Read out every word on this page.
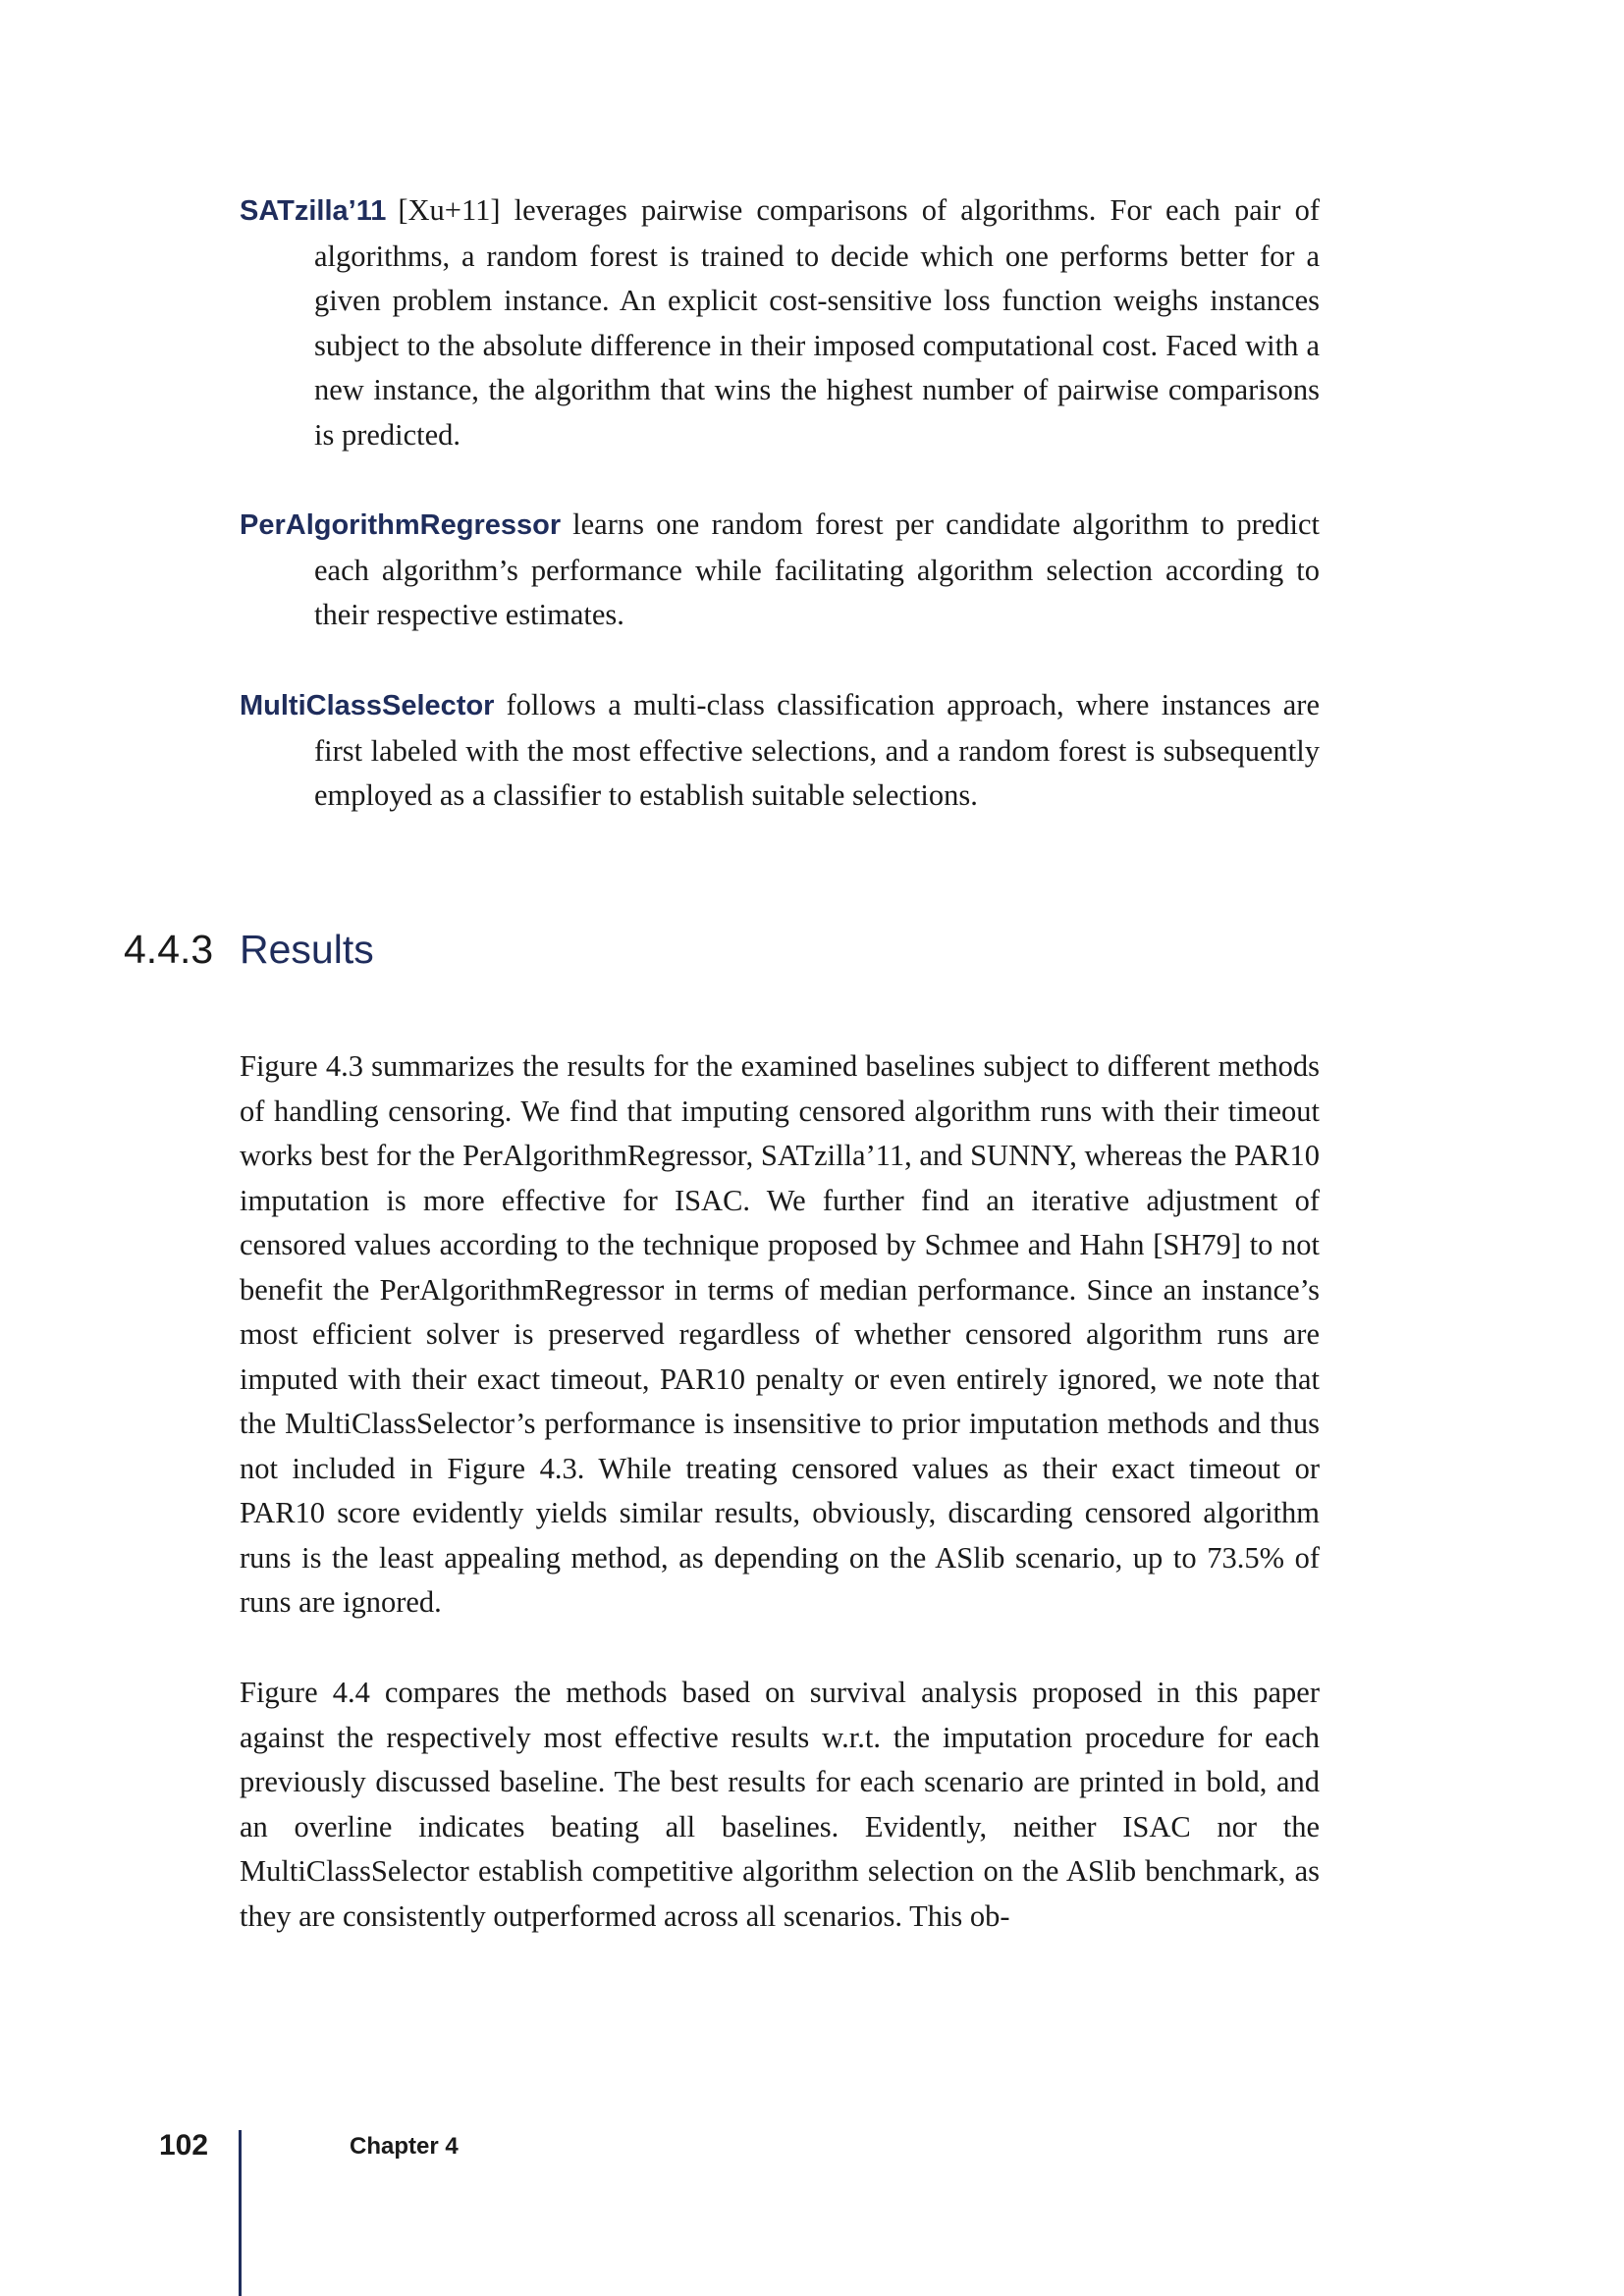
SATzilla’11 [Xu+11] leverages pairwise comparisons of algorithms. For each pair of algorithms, a random forest is trained to decide which one performs better for a given problem instance. An explicit cost-sensitive loss function weighs instances subject to the absolute difference in their imposed computational cost. Faced with a new instance, the algorithm that wins the highest number of pairwise comparisons is predicted.
PerAlgorithmRegressor learns one random forest per candidate algorithm to predict each algorithm’s performance while facilitating algorithm selection according to their respective estimates.
MultiClassSelector follows a multi-class classification approach, where instances are first labeled with the most effective selections, and a random forest is subsequently employed as a classifier to establish suitable selections.
4.4.3 Results

Figure 4.3 summarizes the results for the examined baselines subject to different methods of handling censoring. We find that imputing censored algorithm runs with their timeout works best for the PerAlgorithmRegressor, SATzilla’11, and SUNNY, whereas the PAR10 imputation is more effective for ISAC. We further find an iterative adjustment of censored values according to the technique proposed by Schmee and Hahn [SH79] to not benefit the PerAlgorithmRegressor in terms of median performance. Since an instance’s most efficient solver is preserved regardless of whether censored algorithm runs are imputed with their exact timeout, PAR10 penalty or even entirely ignored, we note that the MultiClassSelector’s performance is insensitive to prior imputation methods and thus not included in Figure 4.3. While treating censored values as their exact timeout or PAR10 score evidently yields similar results, obviously, discarding censored algorithm runs is the least appealing method, as depending on the ASlib scenario, up to 73.5% of runs are ignored.

Figure 4.4 compares the methods based on survival analysis proposed in this paper against the respectively most effective results w.r.t. the imputation procedure for each previously discussed baseline. The best results for each scenario are printed in bold, and an overline indicates beating all baselines. Evidently, neither ISAC nor the MultiClassSelector establish competitive algorithm selection on the ASlib benchmark, as they are consistently outperformed across all scenarios. This ob-

102	Chapter 4
